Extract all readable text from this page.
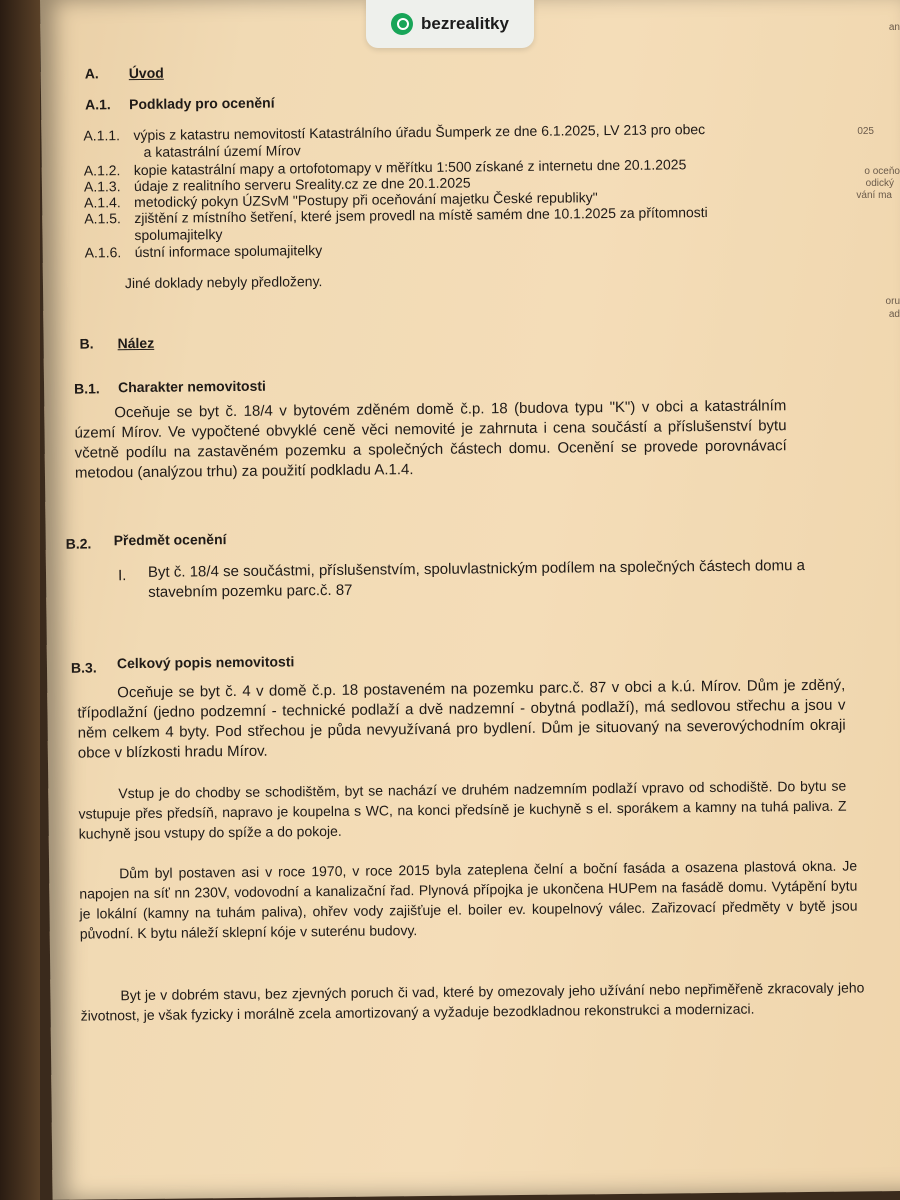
A. Úvod
A.1. Podklady pro ocenění
A.1.1. výpis z katastru nemovitostí Katastrálního úřadu Šumperk ze dne 6.1.2025, LV 213 pro obec
a katastrální území Mírov
A.1.2. kopie katastrální mapy a ortofotomapy v měřítku 1:500 získané z internetu dne 20.1.2025
A.1.3. údaje z realitního serveru Sreality.cz ze dne 20.1.2025
A.1.4. metodický pokyn ÚZSvM "Postupy při oceňování majetku České republiky"
A.1.5. zjištění z místního šetření, které jsem provedl na místě samém dne 10.1.2025 za přítomnosti
spolumajitelky
A.1.6. ústní informace spolumajitelky
Jiné doklady nebyly předloženy.
B. Nález
B.1. Charakter nemovitosti
Oceňuje se byt č. 18/4 v bytovém zděném domě č.p. 18 (budova typu "K") v obci a katastrálním území Mírov. Ve vypočtené obvyklé ceně věci nemovité je zahrnuta i cena součástí a příslušenství bytu včetně podílu na zastavěném pozemku a společných částech domu. Ocenění se provede porovnávací metodou (analýzou trhu) za použití podkladu A.1.4.
B.2. Předmět ocenění
I. Byt č. 18/4 se součástmi, příslušenstvím, spoluvlastnickým podílem na společných částech domu a stavebním pozemku parc.č. 87
B.3. Celkový popis nemovitosti
Oceňuje se byt č. 4 v domě č.p. 18 postaveném na pozemku parc.č. 87 v obci a k.ú. Mírov. Dům je zděný, třípodlažní (jedno podzemní - technické podlaží a dvě nadzemní - obytná podlaží), má sedlovou střechu a jsou v něm celkem 4 byty. Pod střechou je půda nevyužívaná pro bydlení. Dům je situovaný na severovýchodním okraji obce v blízkosti hradu Mírov.
Vstup je do chodby se schodištěm, byt se nachází ve druhém nadzemním podlaží vpravo od schodiště. Do bytu se vstupuje přes předsíň, napravo je koupelna s WC, na konci předsíně je kuchyně s el. sporákem a kamny na tuhá paliva. Z kuchyně jsou vstupy do spíže a do pokoje.
Dům byl postaven asi v roce 1970, v roce 2015 byla zateplena čelní a boční fasáda a osazena plastová okna. Je napojen na síť nn 230V, vodovodní a kanalizační řad. Plynová přípojka je ukončena HUPem na fasádě domu. Vytápění bytu je lokální (kamny na tuhám paliva), ohřev vody zajišťuje el. boiler ev. koupelnový válec. Zařizovací předměty v bytě jsou původní. K bytu náleží sklepní kóje v suterénu budovy.
Byt je v dobrém stavu, bez zjevných poruch či vad, které by omezovaly jeho užívání nebo nepřiměřeně zkracovaly jeho životnost, je však fyzicky i morálně zcela amortizovaný a vyžaduje bezodkladnou rekonstrukci a modernizaci.
an
025
o oceňo
odický
vání ma
oru
ad
bezrealitky
